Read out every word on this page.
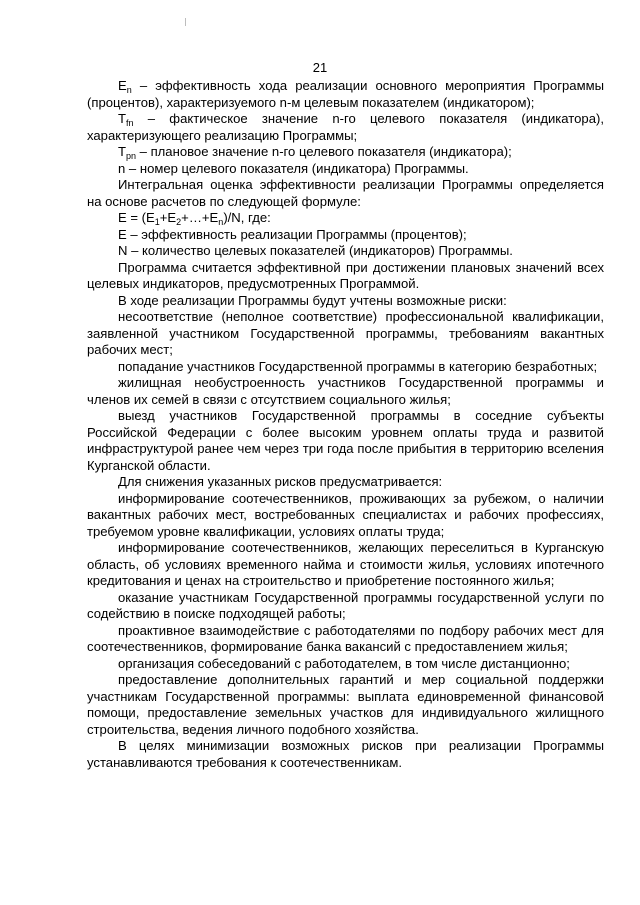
21

$E_n$ – эффективность хода реализации основного мероприятия Программы (процентов), характеризуемого n-м целевым показателем (индикатором);

$T_{fn}$ – фактическое значение n-го целевого показателя (индикатора), характеризующего реализацию Программы;

$T_{pn}$ – плановое значение n-го целевого показателя (индикатора);

n – номер целевого показателя (индикатора) Программы.

Интегральная оценка эффективности реализации Программы определяется на основе расчетов по следующей формуле:

$E = (E_1+E_2+\dots+E_n)/N$, где:

E – эффективность реализации Программы (процентов);

N – количество целевых показателей (индикаторов) Программы.

Программа считается эффективной при достижении плановых значений всех целевых индикаторов, предусмотренных Программой.

В ходе реализации Программы будут учтены возможные риски:

несоответствие (неполное соответствие) профессиональной квалификации, заявленной участником Государственной программы, требованиям вакантных рабочих мест;

попадание участников Государственной программы в категорию безработных;

жилищная необустроенность участников Государственной программы и членов их семей в связи с отсутствием социального жилья;

выезд участников Государственной программы в соседние субъекты Российской Федерации с более высоким уровнем оплаты труда и развитой инфраструктурой ранее чем через три года после прибытия в территорию вселения Курганской области.

Для снижения указанных рисков предусматривается:

информирование соотечественников, проживающих за рубежом, о наличии вакантных рабочих мест, востребованных специалистах и рабочих профессиях, требуемом уровне квалификации, условиях оплаты труда;

информирование соотечественников, желающих переселиться в Курганскую область, об условиях временного найма и стоимости жилья, условиях ипотечного кредитования и ценах на строительство и приобретение постоянного жилья;

оказание участникам Государственной программы государственной услуги по содействию в поиске подходящей работы;

проактивное взаимодействие с работодателями по подбору рабочих мест для соотечественников, формирование банка вакансий с предоставлением жилья;

организация собеседований с работодателем, в том числе дистанционно;

предоставление дополнительных гарантий и мер социальной поддержки участникам Государственной программы: выплата единовременной финансовой помощи, предоставление земельных участков для индивидуального жилищного строительства, ведения личного подобного хозяйства.

В целях минимизации возможных рисков при реализации Программы устанавливаются требования к соотечественникам.
